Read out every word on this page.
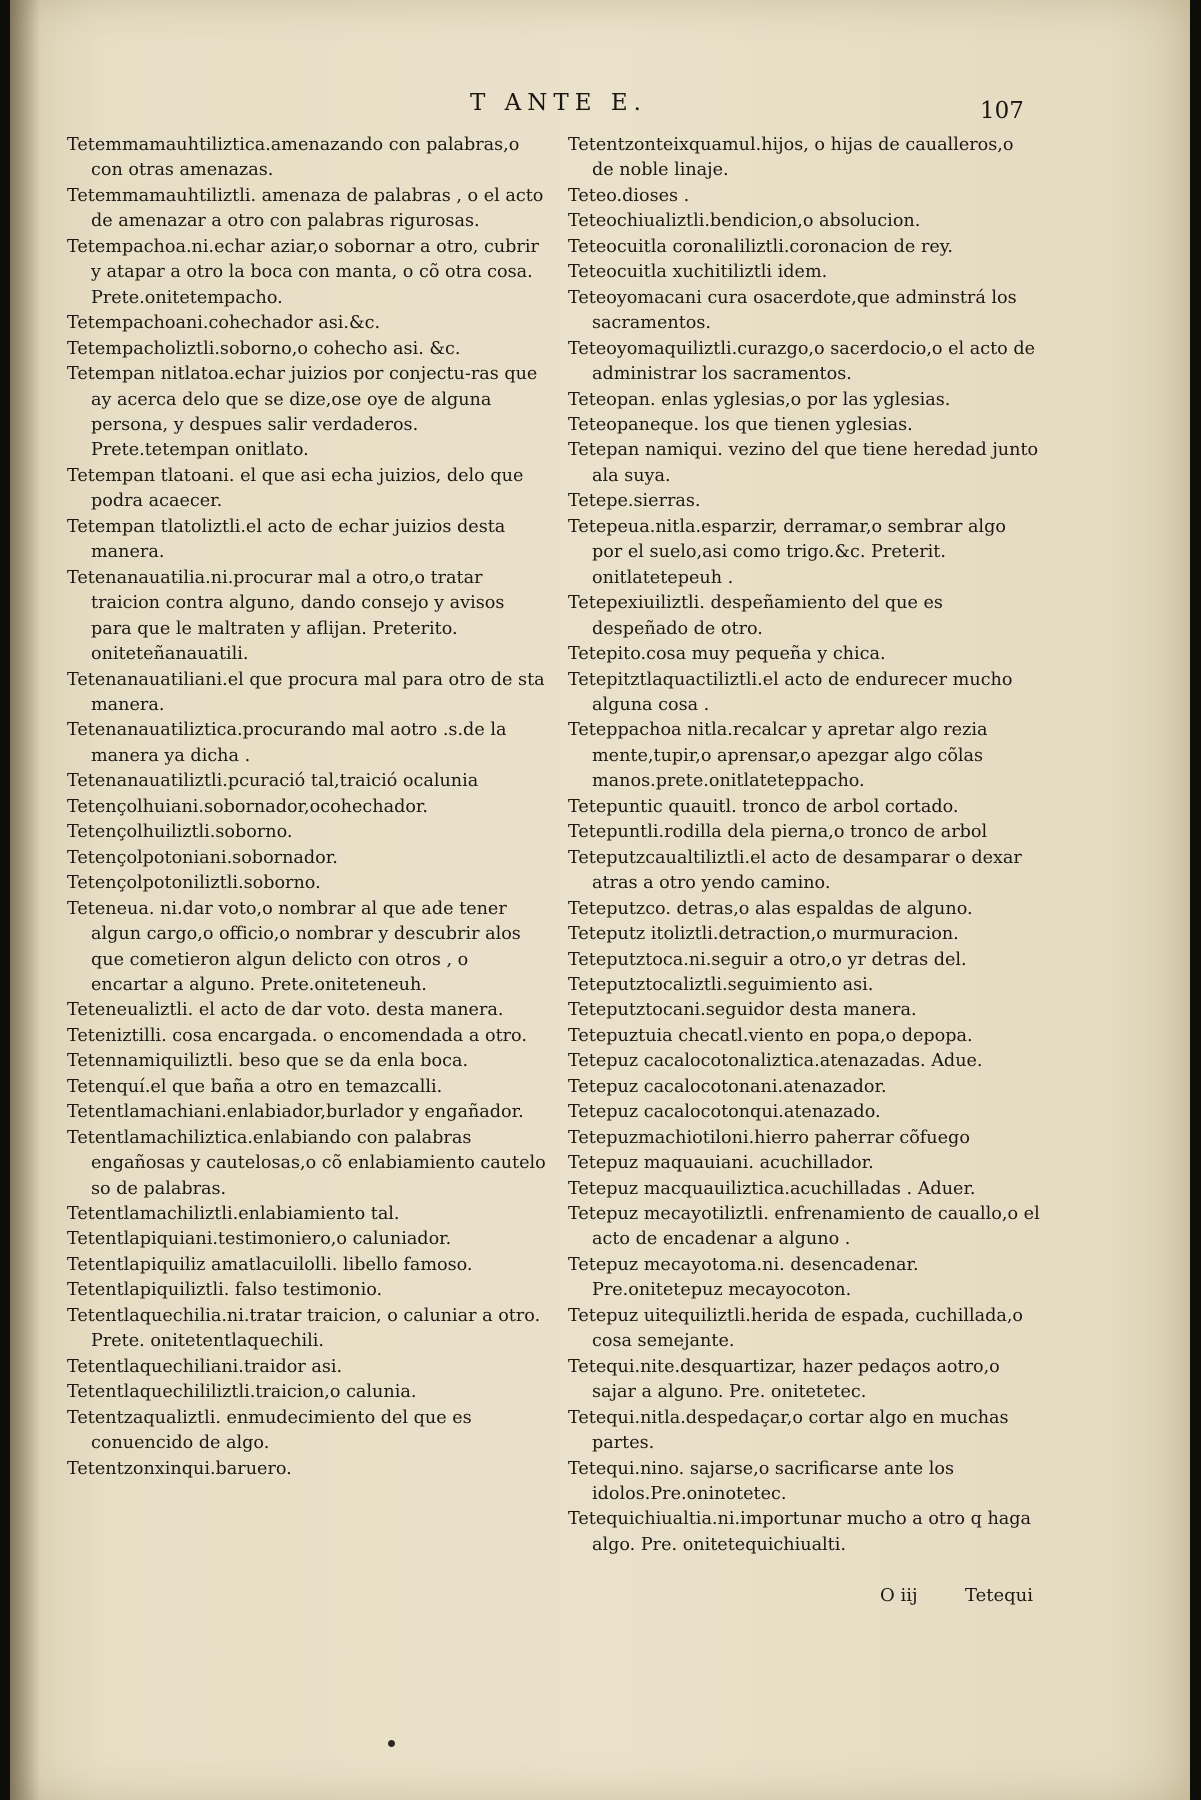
T ANTE E.	107

Tetemmamauhtiliztica.amenazando con palabras,o con otras amenazas.

Tetemmamauhtiliztli. amenaza de palabras , o el acto de amenazar a otro con palabras rigurosas.

Tetempachoa.ni.echar aziar,o sobornar a otro, cubrir y atapar a otro la boca con manta, o cõ otra cosa. Prete.onitetempacho.

Tetempachoani.cohechador asi.&c.

Tetempacholiztli.soborno,o cohecho asi. &c.

Tetempan nitlatoa.echar juizios por conjectu-ras que ay acerca delo que se dize,ose oye de alguna persona, y despues salir verdaderos. Prete.tetempan onitlato.

Tetempan tlatoani. el que asi echa juizios, delo que podra acaecer.

Tetempan tlatoliztli.el acto de echar juizios desta manera.

Tetenanauatilia.ni.procurar mal a otro,o tratar traicion contra alguno, dando consejo y avisos para que le maltraten y aflijan. Preterito. oniteteñanauatili.

Tetenanauatiliani.el que procura mal para otro de sta manera.

Tetenanauatiliztica.procurando mal aotro .s.de la manera ya dicha .

Tetenanauatiliztli.pcuració tal,traició ocalunia

Tetençolhuiani.sobornador,ocohechador.

Tetençolhuiliztli.soborno.

Tetençolpotoniani.sobornador.

Tetençolpotoniliztli.soborno.

Teteneua. ni.dar voto,o nombrar al que ade tener algun cargo,o officio,o nombrar y descubrir alos que cometieron algun delicto con otros , o encartar a alguno. Prete.oniteteneuh.

Teteneualiztli. el acto de dar voto. desta manera.

Teteniztilli. cosa encargada. o encomendada a otro.

Tetennamiquiliztli. beso que se da enla boca.

Tetenquí.el que baña a otro en temazcalli.

Tetentlamachiani.enlabiador,burlador y engañador.

Tetentlamachiliztica.enlabiando con palabras engañosas y cautelosas,o cõ enlabiamiento cautelo so de palabras.

Tetentlamachiliztli.enlabiamiento tal.

Tetentlapiquiani.testimoniero,o caluniador.

Tetentlapiquiliz amatlacuilolli. libello famoso.

Tetentlapiquiliztli. falso testimonio.

Tetentlaquechilia.ni.tratar traicion, o caluniar a otro. Prete. onitetentlaquechili.

Tetentlaquechiliani.traidor asi.

Tetentlaquechililiztli.traicion,o calunia.

Tetentzaqualiztli. enmudecimiento del que es conuencido de algo.

Tetentzonxinqui.baruero.

Tetentzonteixquamul.hijos, o hijas de caualleros,o de noble linaje.

Teteo.dioses .

Teteochiualiztli.bendicion,o absolucion.

Teteocuitla coronaliliztli.coronacion de rey.

Teteocuitla xuchitiliztli idem.

Teteoyomacani cura osacerdote,que adminstrá los sacramentos.

Teteoyomaquiliztli.curazgo,o sacerdocio,o el acto de administrar los sacramentos.

Teteopan. enlas yglesias,o por las yglesias.

Teteopaneque. los que tienen yglesias.

Tetepan namiqui. vezino del que tiene heredad junto ala suya.

Tetepe.sierras.

Tetepeua.nitla.esparzir, derramar,o sembrar algo por el suelo,asi como trigo.&c. Preterit. onitlatetepeuh .

Tetepexiuiliztli. despeñamiento del que es despeñado de otro.

Tetepito.cosa muy pequeña y chica.

Tetepitztlaquactiliztli.el acto de endurecer mucho alguna cosa .

Teteppachoa nitla.recalcar y apretar algo rezia mente,tupir,o aprensar,o apezgar algo cõlas manos.prete.onitlateteppacho.

Tetepuntic quauitl. tronco de arbol cortado.

Tetepuntli.rodilla dela pierna,o tronco de arbol

Teteputzcaualtiliztli.el acto de desamparar o dexar atras a otro yendo camino.

Teteputzco. detras,o alas espaldas de alguno.

Teteputz itoliztli.detraction,o murmuracion.

Teteputztoca.ni.seguir a otro,o yr detras del.

Teteputztocaliztli.seguimiento asi.

Teteputztocani.seguidor desta manera.

Tetepuztuia checatl.viento en popa,o depopa.

Tetepuz cacalocotonaliztica.atenazadas. Adue.

Tetepuz cacalocotonani.atenazador.

Tetepuz cacalocotonqui.atenazado.

Tetepuzmachiotiloni.hierro paherrar cõfuego

Tetepuz maquauiani. acuchillador.

Tetepuz macquauiliztica.acuchilladas . Aduer.

Tetepuz mecayotiliztli. enfrenamiento de cauallo,o el acto de encadenar a alguno .

Tetepuz mecayotoma.ni. desencadenar. Pre.onitetepuz mecayocoton.

Tetepuz uitequiliztli.herida de espada, cuchillada,o cosa semejante.

Tetequi.nite.desquartizar, hazer pedaços aotro,o sajar a alguno. Pre. onitetetec.

Tetequi.nitla.despedaçar,o cortar algo en muchas partes.

Tetequi.nino. sajarse,o sacrificarse ante los idolos.Pre.oninotetec.

Tetequichiualtia.ni.importunar mucho a otro q haga algo. Pre. onitetequichiualti.

O iij	Tetequi
